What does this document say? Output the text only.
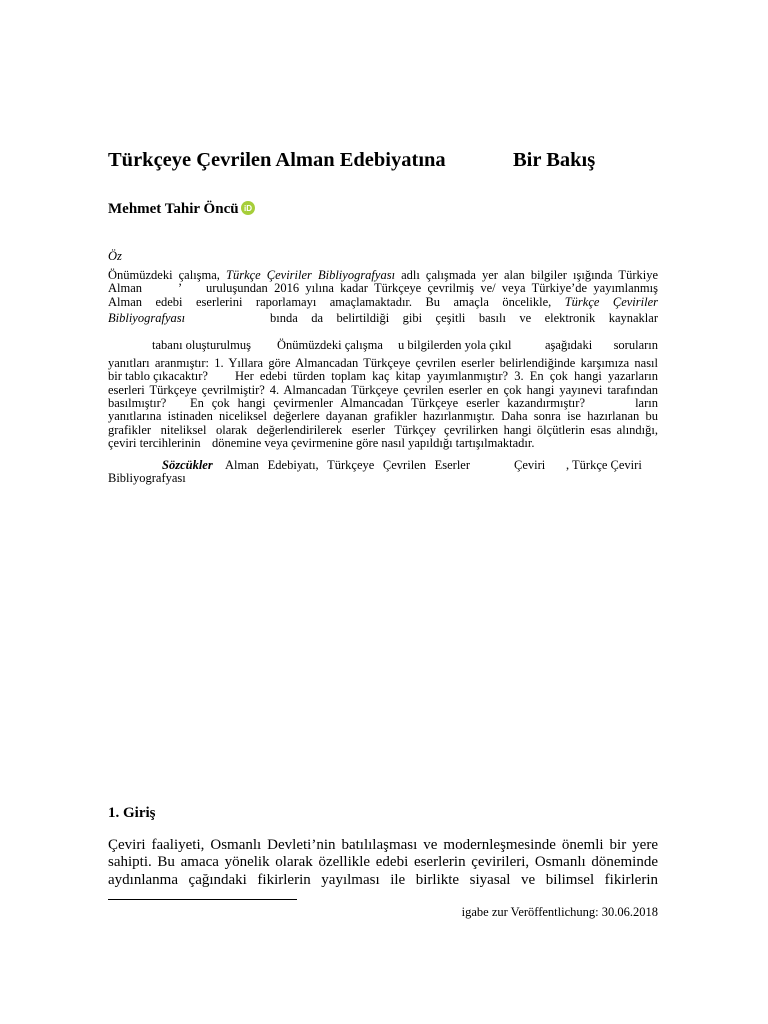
Türkçeye Çevrilen Alman Edebiyatına	Bir Bakış
Mehmet Tahir Öncü iD
Öz
Önümüzdeki çalışma, Türkçe Çeviriler Bibliyografyası adlı çalışmada yer alan bilgiler ışığında Türkiye
Alman	’ uruluşundan 2016 yılına kadar Türkçeye çevrilmiş ve/ veya Türkiye’de yayımlanmış
Alman edebi eserlerini raporlamayı amaçlamaktadır. Bu amaçla öncelikle, Türkçe Çeviriler
Bibliyografyası	bında da belirtildiği gibi çeşitli basılı ve elektronik kaynaklar
tabanı oluşturulmuş Önümüzdeki çalışma u bilgilerden yola çıkıl	aşağıdaki soruların
yanıtları aranmıştır: 1. Yıllara göre Almancadan Türkçeye çevrilen eserler belirlendiğinde karşımıza nasıl
bir tablo çıkacaktır? Her edebi türden toplam kaç kitap yayımlanmıştır? 3. En çok hangi yazarların
eserleri Türkçeye çevrilmiştir? 4. Almancadan Türkçeye çevrilen eserler en çok hangi yayınevi tarafından
basılmıştır? En çok hangi çevirmenler Almancadan Türkçeye eserler kazandırmıştır?	ların
yanıtlarına istinaden niceliksel değerlere dayanan grafikler hazırlanmıştır. Daha sonra ise hazırlanan bu
grafikler niteliksel olarak değerlendirilerek eserler Türkçey çevrilirken hangi ölçütlerin esas alındığı,
çeviri tercihlerinin dönemine veya çevirmenine göre nasıl yapıldığı tartışılmaktadır.
Sözcükler Alman Edebiyatı, Türkçeye Çevrilen Eserler	Çeviri , Türkçe Çeviri
Bibliyografyası
1. Giriş
Çeviri faaliyeti, Osmanlı Devleti’nin batılılaşması ve modernleşmesinde önemli bir yere
sahipti. Bu amaca yönelik olarak özellikle edebi eserlerin çevirileri, Osmanlı döneminde
aydınlanma çağındaki fikirlerin yayılması ile birlikte siyasal ve bilimsel fikirlerin
igabe zur Veröffentlichung: 30.06.2018
